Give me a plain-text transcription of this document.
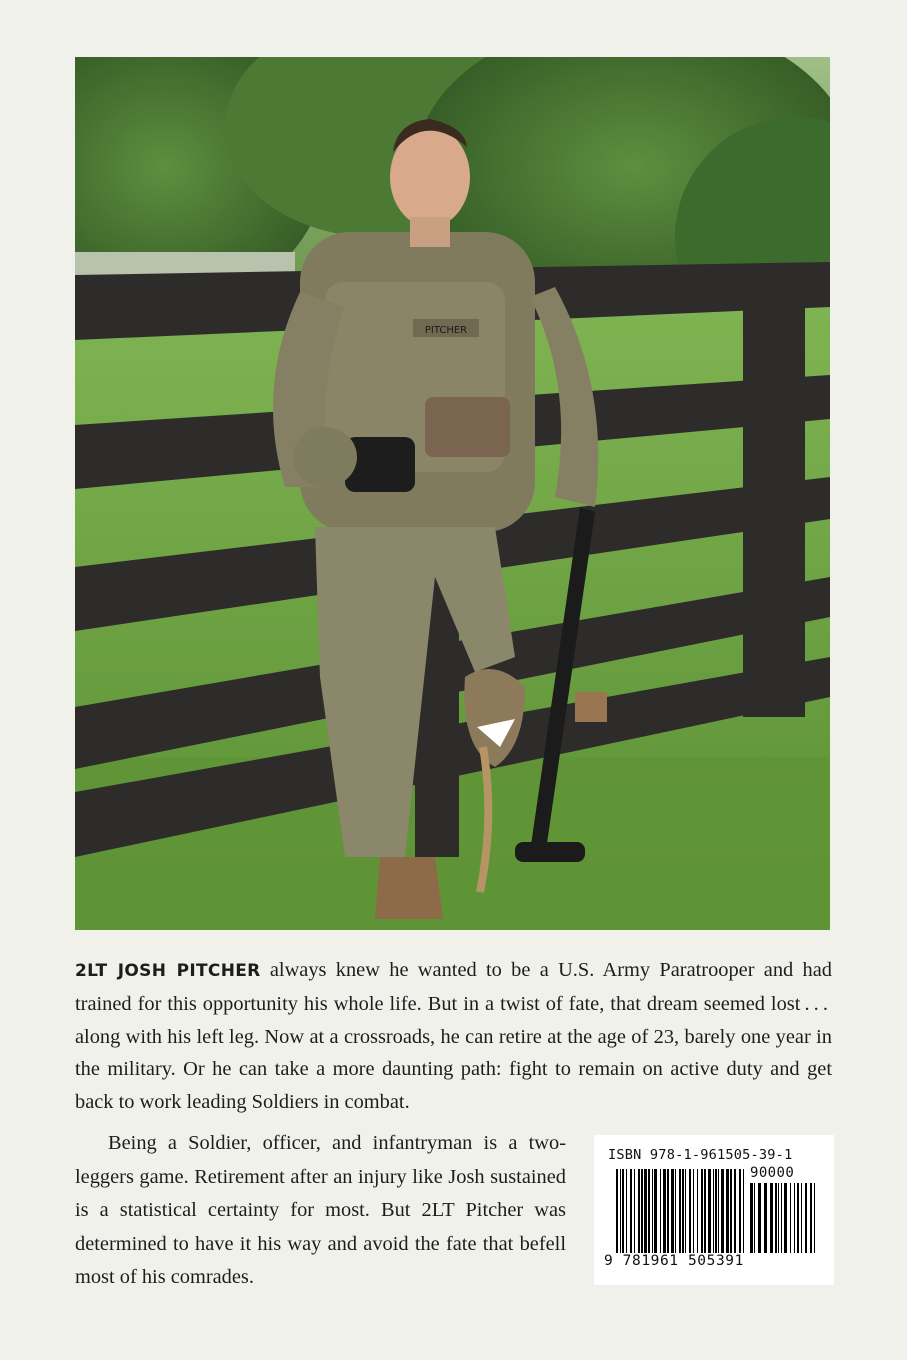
PITCHER

2LT JOSH PITCHER always knew he wanted to be a U.S. Army Paratrooper and had trained for this opportunity his whole life. But in a twist of fate, that dream seemed lost . . . along with his left leg. Now at a crossroads, he can retire at the age of 23, barely one year in the military. Or he can take a more daunting path: fight to remain on active duty and get back to work leading Soldiers in combat.

Being a Soldier, officer, and infantryman is a two-leggers game. Retirement after an injury like Josh sustained is a statistical certainty for most. But 2LT Pitcher was determined to have it his way and avoid the fate that befell most of his comrades.

ISBN 978-1-961505-39-1
90000
9 781961 505391
